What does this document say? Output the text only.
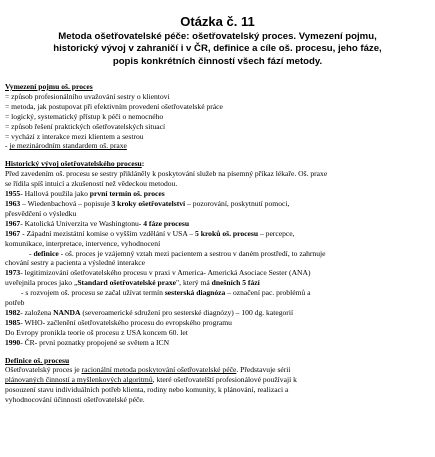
Otázka č. 11
Metoda ošetřovatelské péče: ošetřovatelský proces. Vymezení pojmu,
historický vývoj v zahraničí i v ČR, definice a cíle oš. procesu, jeho fáze,
popis konkrétních činností všech fází metody.
Vymezení pojmu oš. proces
= způsob profesionálního uvažování sestry o klientovi
= metoda, jak postupovat při efektivním provedení ošetřovatelské práce
= logický, systematický přístup k péči o nemocného
= způsob řešení praktických ošetřovatelských situací
= vychází z interakce mezi klientem a sestrou
- je mezinárodním standardem oš. praxe
Historický vývoj ošetřovatelského procesu:
Před zavedením oš. procesu se sestry přikláněly k poskytování služeb na písemný příkaz lékaře. Oš. praxe
se řídila spíš intuicí a zkušeností než vědeckou metodou.
1955- Hallová použila jako první termín oš. proces
1963 – Wiedenbachová – popisuje 3 kroky ošetřovatelství – pozorování, poskytnutí pomoci,
přesvědčení o výsledku
1967- Katolická Univerzita ve Washingtonu- 4 fáze procesu
1967 - Západní mezistátní komise o vyšším vzdělání v USA – 5 kroků oš. procesu – percepce,
komunikace, interpretace, intervence, vyhodnocení
- definice - oš. proces je vzájemný vztah mezi pacientem a sestrou v daném prostředí, to zahrnuje
chování sestry a pacienta a výsledné interakce
1973- legitimizování ošetřovatelského procesu v praxi v America- Americká Asociace Sester (ANA)
uveřejnila proces jako „Standard ošetřovatelské praxe", který má dnešních 5 fází
- s rozvojem oš. procesu se začal užívat termín sesterská diagnóza – označení pac. problémů a
potřeb
1982- založena NANDA (severoamerické sdružení pro sesterské diagnózy) – 100 dg. kategorií
1985- WHO- začlenění ošetřovatelského procesu do evropského programu
Do Evropy pronikla teorie oš procesu z USA koncem 60. let
1990- ČR- první poznatky propojené se světem a ICN
Definice oš. procesu
Ošetřovatelský proces je racionální metoda poskytování ošetřovatelské péče. Představuje sérii
plánovaných činností a myšlenkových algoritmů, které ošetřovatelští profesionálové používají k
posouzení stavu individuálních potřeb klienta, rodiny nebo komunity, k plánování, realizaci a
vyhodnocování účinnosti ošetřovatelské péče.
